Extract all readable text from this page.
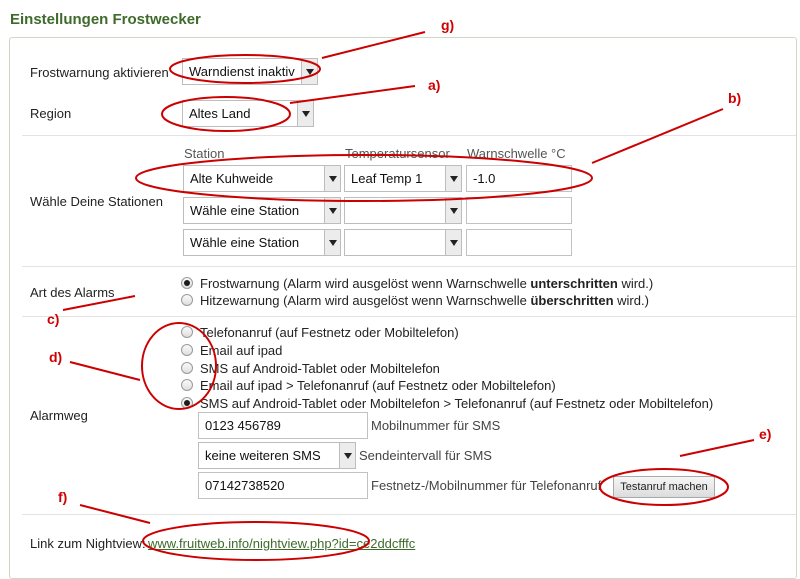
Einstellungen Frostwecker
Frostwarnung aktivieren Warndienst inaktiv
Region	Altes Land
Wähle Deine Stationen
Station	Temperatursensor Warnschwelle °C
Alte Kuhweide	Leaf Temp 1	-1.0
Wähle eine Station
Wähle eine Station
Art des Alarms
Frostwarnung (Alarm wird ausgelöst wenn Warnschwelle unterschritten wird.)
Hitzewarnung (Alarm wird ausgelöst wenn Warnschwelle überschritten wird.)
Alarmweg
Telefonanruf (auf Festnetz oder Mobiltelefon)
Email auf ipad
SMS auf Android-Tablet oder Mobiltelefon
Email auf ipad > Telefonanruf (auf Festnetz oder Mobiltelefon)
SMS auf Android-Tablet oder Mobiltelefon > Telefonanruf (auf Festnetz oder Mobiltelefon)
0123 456789	Mobilnummer für SMS
keine weiteren SMS	Sendeintervall für SMS
07142738520	Festnetz-/Mobilnummer für Telefonanruf	Testanruf machen
Link zum Nightview: www.fruitweb.info/nightview.php?id=ce2ddcfffc
g)
a)
b)
c)
d)
e)
f)
